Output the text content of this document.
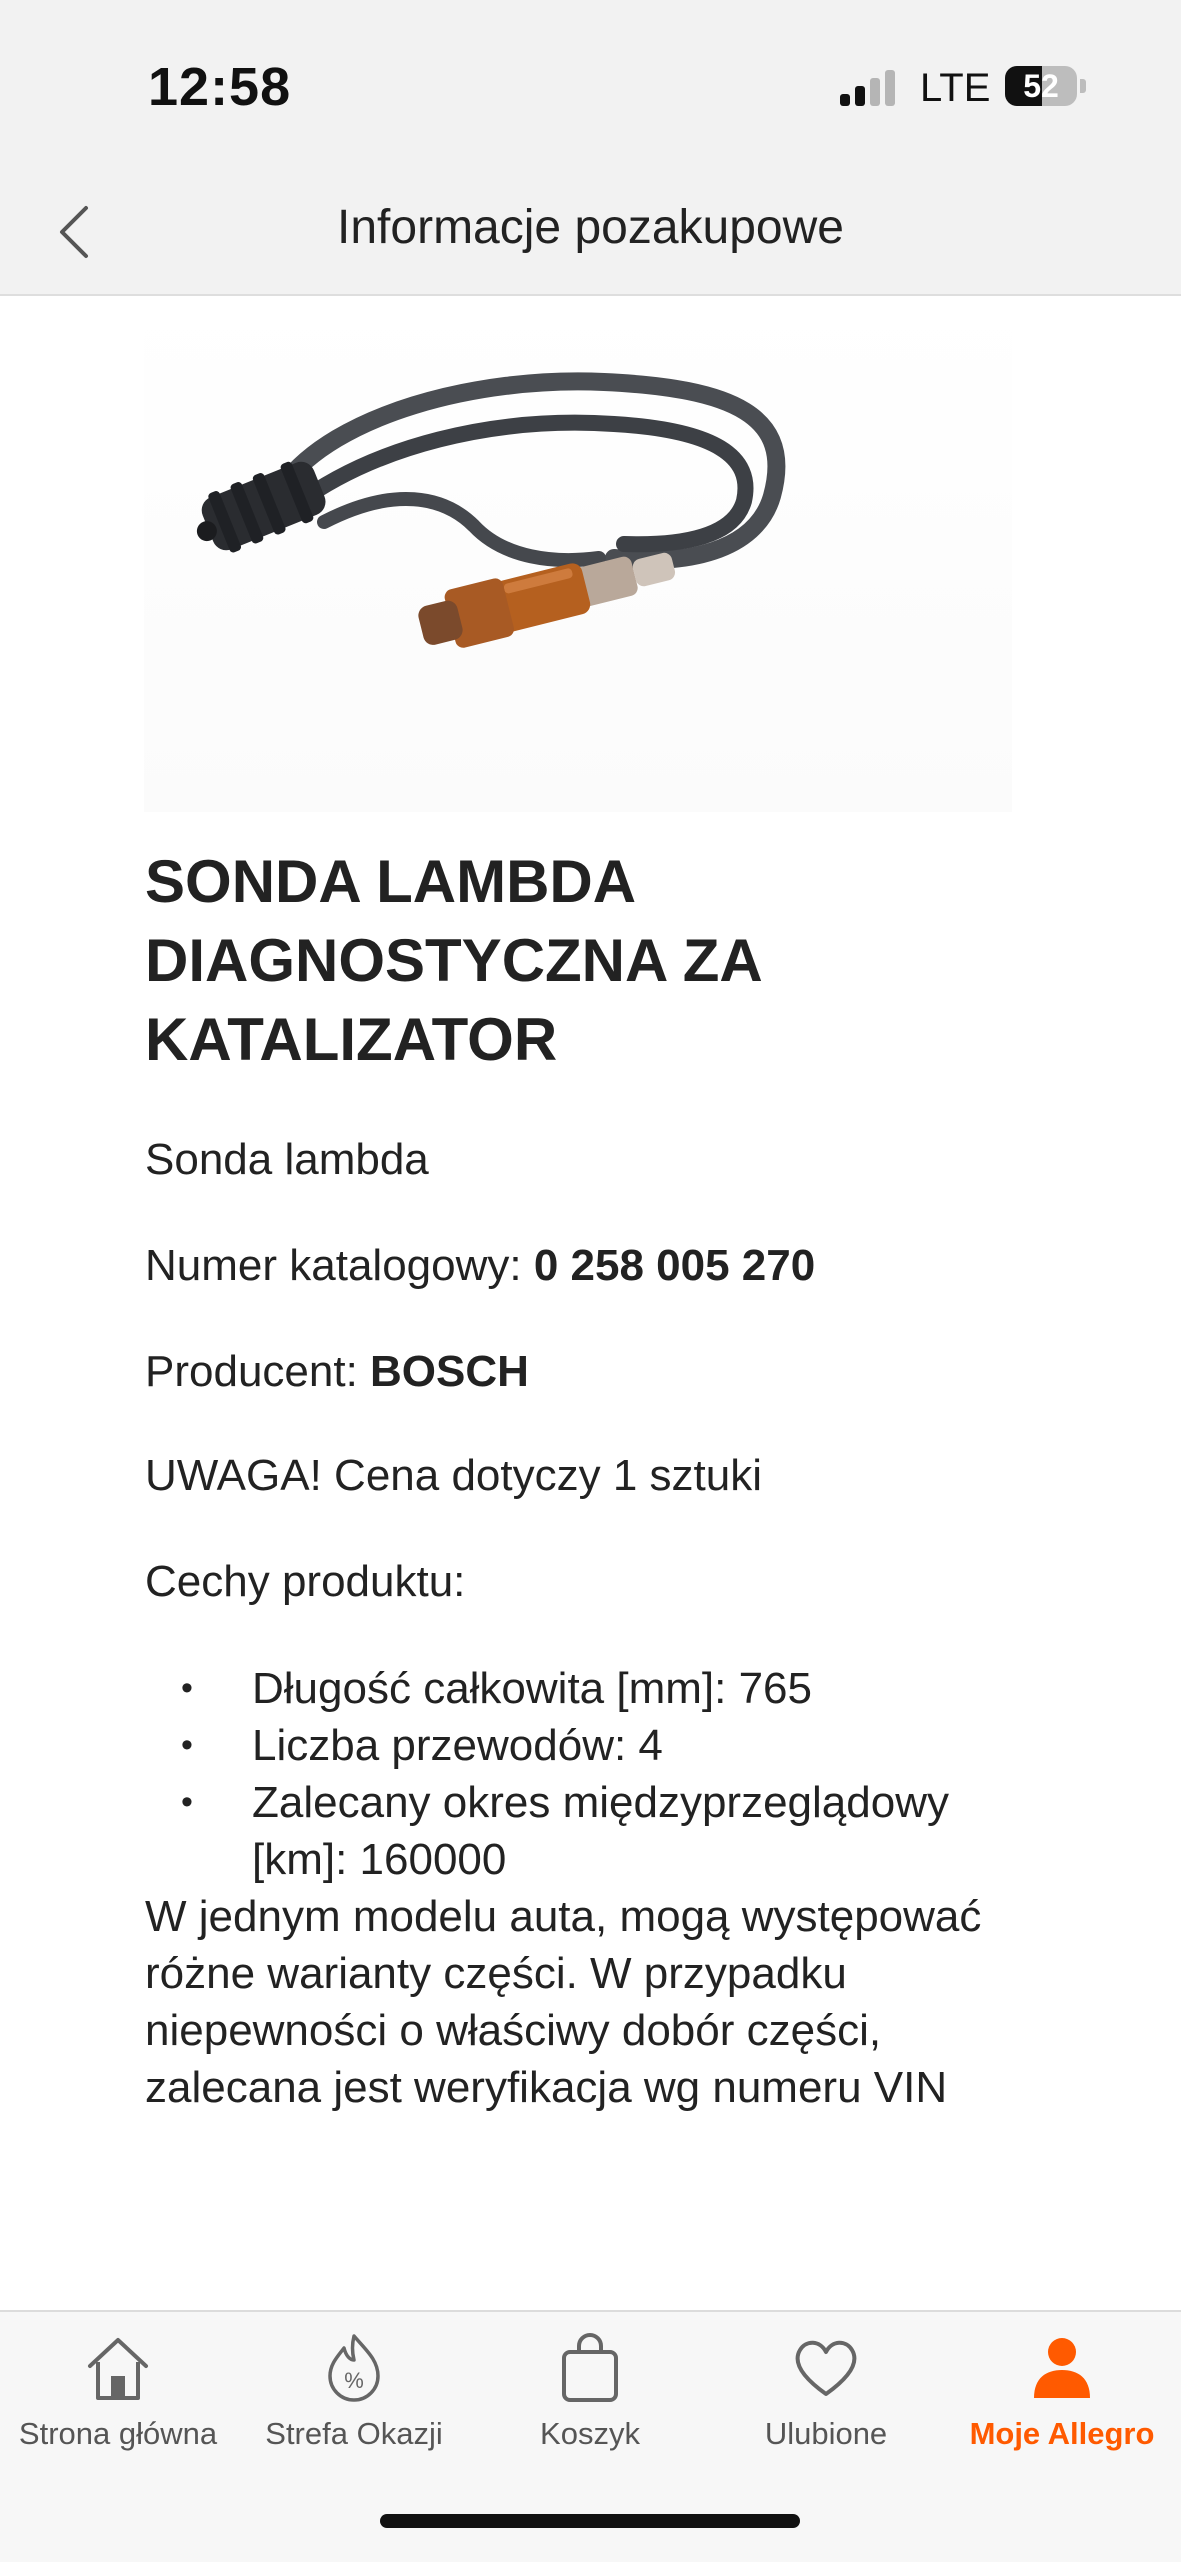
12:58	LTE	52
Informacje pozakupowe
SONDA LAMBDA DIAGNOSTYCZNA ZA KATALIZATOR

Sonda lambda

Numer katalogowy: 0 258 005 270

Producent: BOSCH

UWAGA! Cena dotyczy 1 sztuki

Cechy produktu:

• Długość całkowita [mm]: 765
• Liczba przewodów: 4
• Zalecany okres międzyprzeglądowy [km]: 160000

W jednym modelu auta, mogą występować różne warianty części. W przypadku niepewności o właściwy dobór części, zalecana jest weryfikacja wg numeru VIN

Strona główna
%
Strefa Okazji	Koszyk	Ulubione	Moje Allegro
